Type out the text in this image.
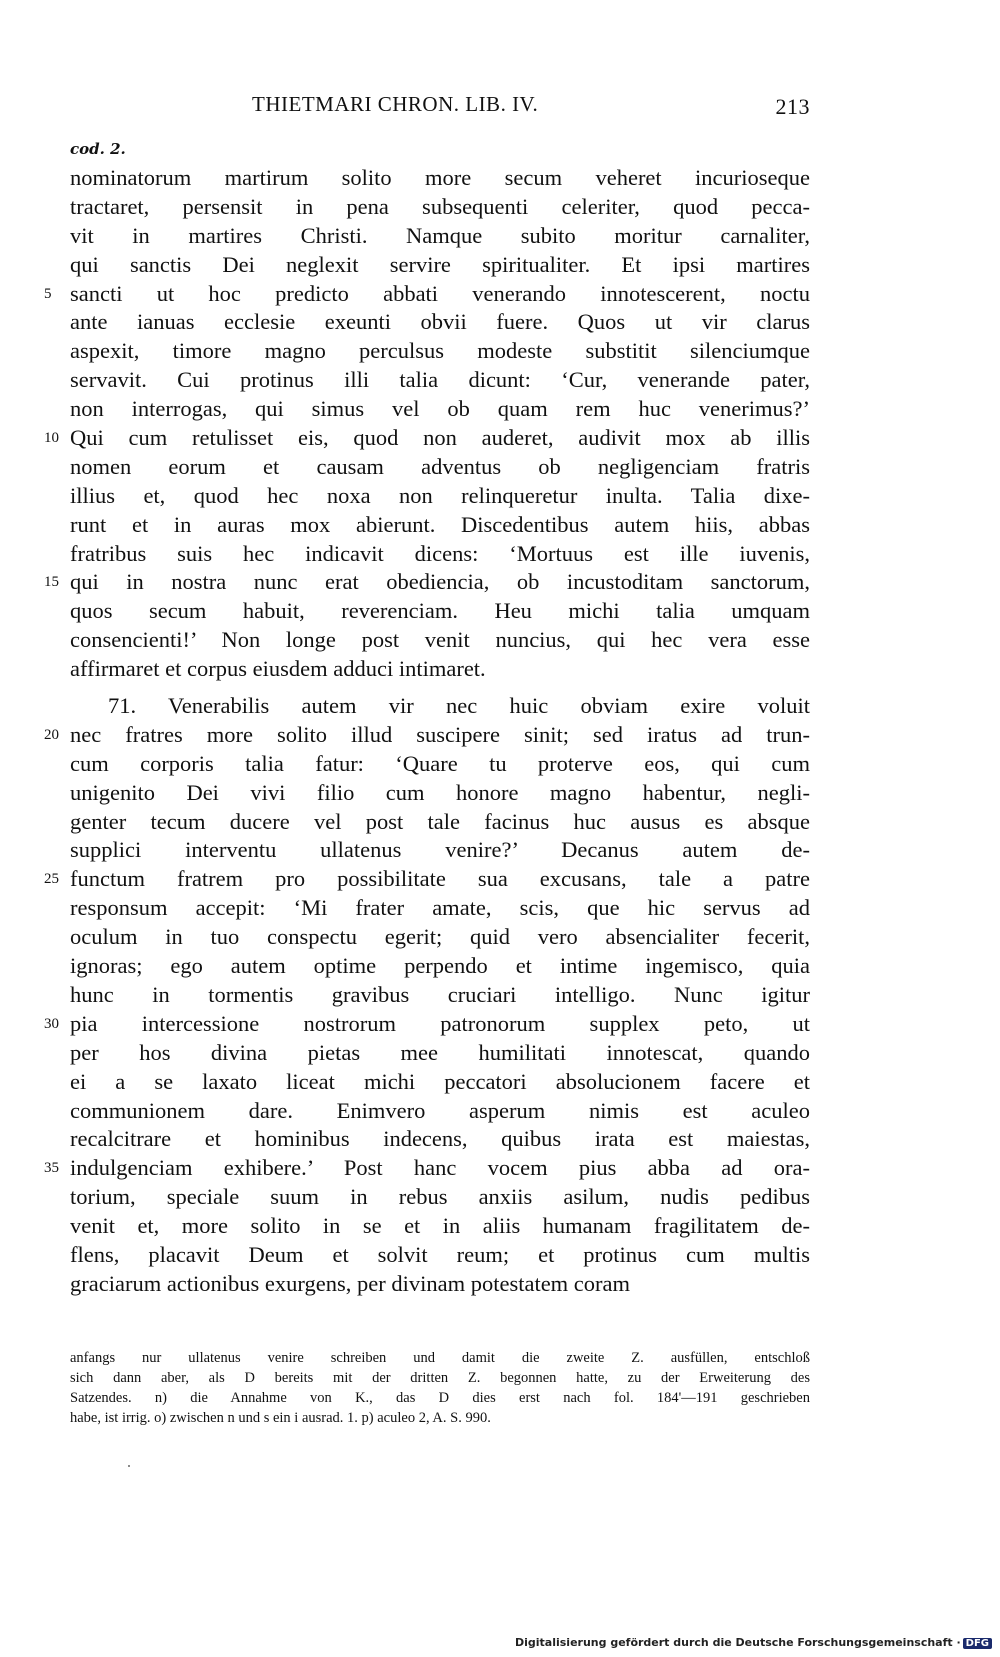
THIETMARI CHRON. LIB. IV.	213
cod. 2.
nominatorum martirum solito more secum veheret incurioseque
tractaret, persensit in pena subsequenti celeriter, quod pecca-
vit in martires Christi. Namque subito moritur carnaliter,
qui sanctis Dei neglexit servire spiritualiter. Et ipsi martires
sancti ut hoc predicto abbati venerando innotescerent, noctu
5
ante ianuas ecclesie exeunti obvii fuere. Quos ut vir clarus
aspexit, timore magno perculsus modeste substitit silenciumque
servavit. Cui protinus illi talia dicunt: ‘Cur, venerande pater,
non interrogas, qui simus vel ob quam rem huc venerimus?’
Qui cum retulisset eis, quod non auderet, audivit mox ab illis
10
nomen eorum et causam adventus ob negligenciam fratris
illius et, quod hec noxa non relinqueretur inulta. Talia dixe-
runt et in auras mox abierunt. Discedentibus autem hiis, abbas
fratribus suis hec indicavit dicens: ‘Mortuus est ille iuvenis,
qui in nostra nunc erat obediencia, ob incustoditam sanctorum,
15
quos secum habuit, reverenciam. Heu michi talia umquam
consencienti!’ Non longe post venit nuncius, qui hec vera esse
affirmaret et corpus eiusdem adduci intimaret.
71. Venerabilis autem vir nec huic obviam exire voluit
nec fratres more solito illud suscipere sinit; sed iratus ad trun-
20
cum corporis talia fatur: ‘Quare tu proterve eos, qui cum
unigenito Dei vivi filio cum honore magno habentur, negli-
genter tecum ducere vel post tale facinus huc ausus es absque
supplici interventu ullatenus venire?’ Decanus autem de-
functum fratrem pro possibilitate sua excusans, tale a patre
25
responsum accepit: ‘Mi frater amate, scis, que hic servus ad
oculum in tuo conspectu egerit; quid vero absencialiter fecerit,
ignoras; ego autem optime perpendo et intime ingemisco, quia
hunc in tormentis gravibus cruciari intelligo. Nunc igitur
pia intercessione nostrorum patronorum supplex peto, ut
30
per hos divina pietas mee humilitati innotescat, quando
ei a se laxato liceat michi peccatori absolucionem facere et
communionem dare. Enimvero asperum nimis est aculeo
recalcitrare et hominibus indecens, quibus irata est maiestas,
indulgenciam exhibere.’ Post hanc vocem pius abba ad ora-
35
torium, speciale suum in rebus anxiis asilum, nudis pedibus
venit et, more solito in se et in aliis humanam fragilitatem de-
flens, placavit Deum et solvit reum; et protinus cum multis
graciarum actionibus exurgens, per divinam potestatem coram
anfangs nur ullatenus venire schreiben und damit die zweite Z. ausfüllen, entschloß
sich dann aber, als D bereits mit der dritten Z. begonnen hatte, zu der Erweiterung des
Satzendes. n) die Annahme von K., das D dies erst nach fol. 184'—191 geschrieben
habe, ist irrig. o) zwischen n und s ein i ausrad. 1. p) aculeo 2, A. S. 990.
Digitalisierung gefördert durch die Deutsche Forschungsgemeinschaft · DFG
